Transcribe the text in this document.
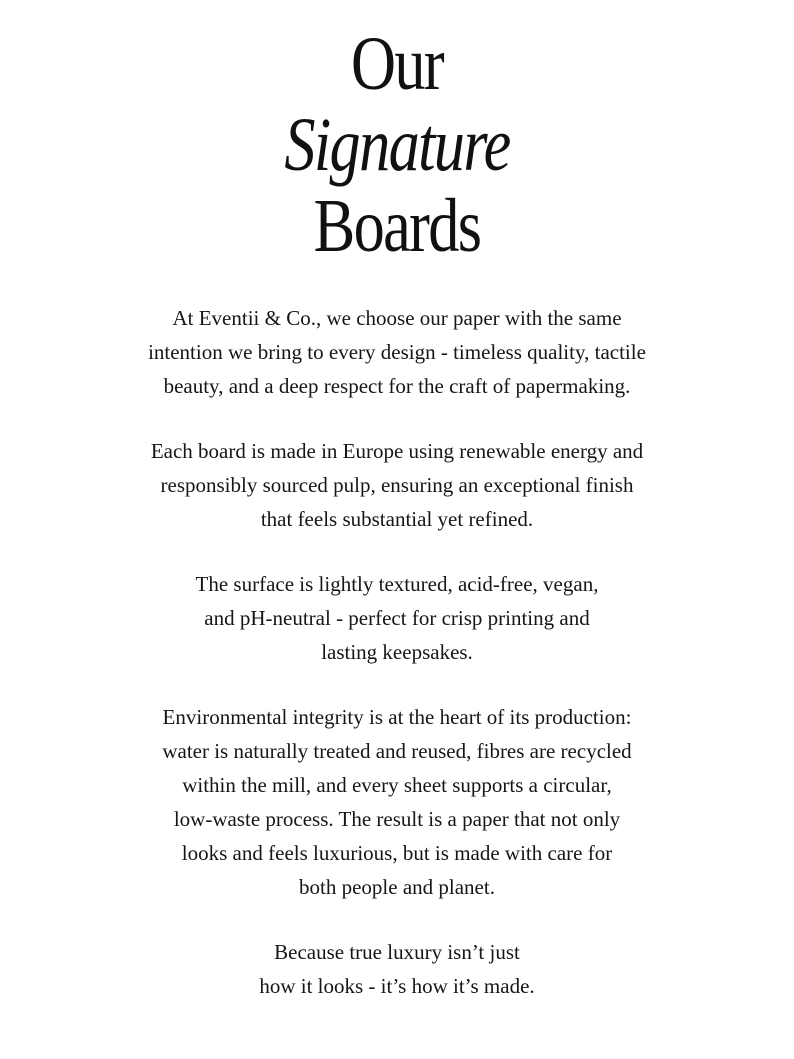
Our
Signature
Boards

At Eventii & Co., we choose our paper with the same
intention we bring to every design - timeless quality, tactile
beauty, and a deep respect for the craft of papermaking.

Each board is made in Europe using renewable energy and
responsibly sourced pulp, ensuring an exceptional finish
that feels substantial yet refined.

The surface is lightly textured, acid-free, vegan,
and pH-neutral - perfect for crisp printing and
lasting keepsakes.

Environmental integrity is at the heart of its production:
water is naturally treated and reused, fibres are recycled
within the mill, and every sheet supports a circular,
low-waste process. The result is a paper that not only
looks and feels luxurious, but is made with care for
both people and planet.

Because true luxury isn’t just
how it looks - it’s how it’s made.
